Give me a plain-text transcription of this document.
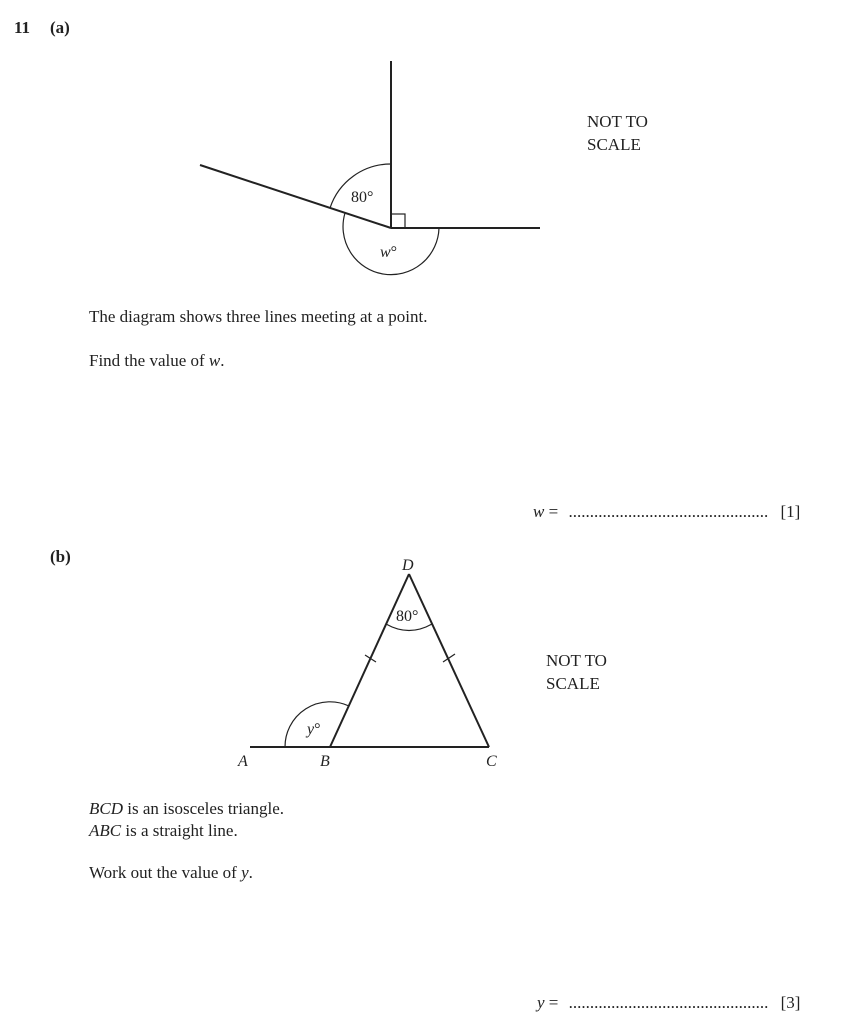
11 (a)
80°
w°
D
A	B	C
80°
y°
NOT TO
SCALE
The diagram shows three lines meeting at a point.
Find the value of w.
w = ............................................... [1]
(b)
NOT TO
SCALE
BCD is an isosceles triangle.
ABC is a straight line.
Work out the value of y.
y = ............................................... [3]
